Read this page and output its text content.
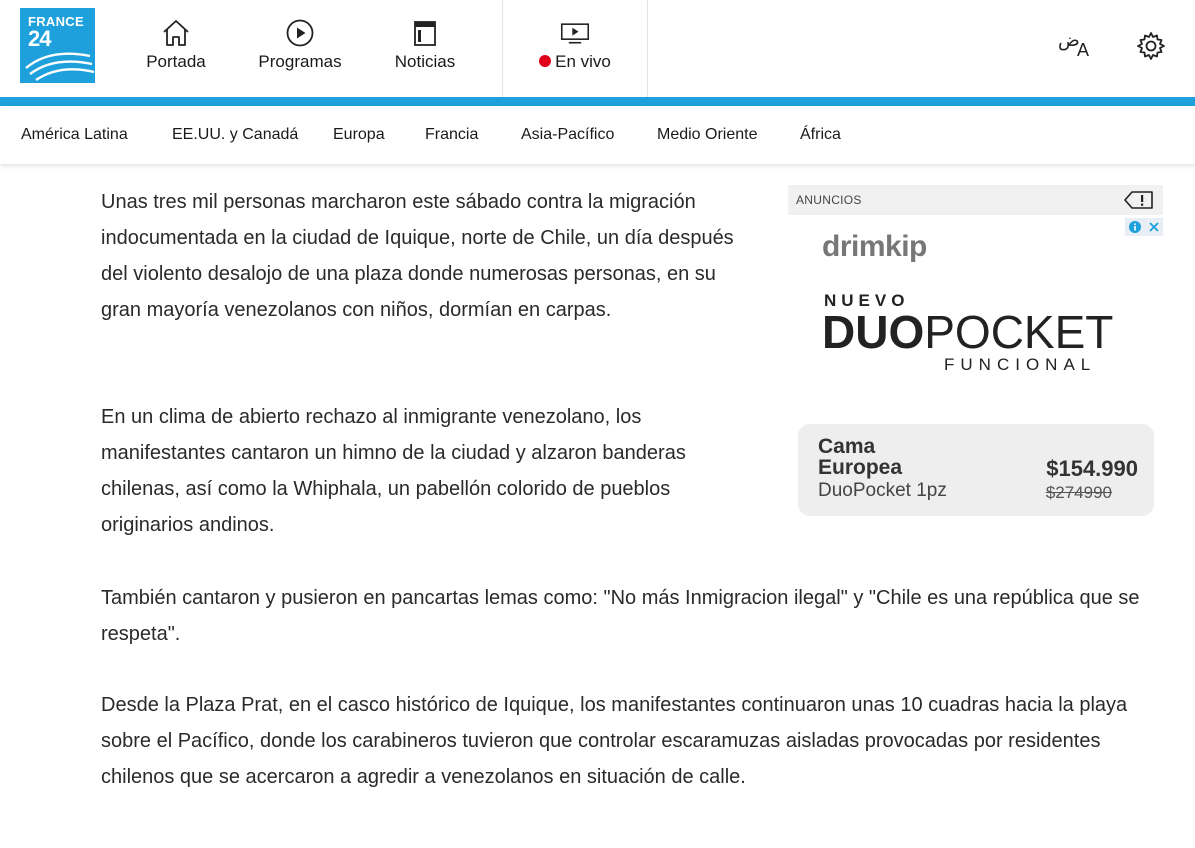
FRANCE
24
Portada	Programas	Noticias	En vivo
ض
A
América Latina	EE.UU. y Canadá Europa	Francia	Asia-Pacífico	Medio Oriente	África

Unas tres mil personas marcharon este sábado contra la migración indocumentada en la ciudad de Iquique, norte de Chile, un día después del violento desalojo de una plaza donde numerosas personas, en su gran mayoría venezolanos con niños, dormían en carpas.

En un clima de abierto rechazo al inmigrante venezolano, los manifestantes cantaron un himno de la ciudad y alzaron banderas chilenas, así como la Whiphala, un pabellón colorido de pueblos originarios andinos.

También cantaron y pusieron en pancartas lemas como: "No más Inmigracion ilegal" y "Chile es una república que se respeta".

Desde la Plaza Prat, en el casco histórico de Iquique, los manifestantes continuaron unas 10 cuadras hacia la playa sobre el Pacífico, donde los carabineros tuvieron que controlar escaramuzas aisladas provocadas por residentes chilenos que se acercaron a agredir a venezolanos en situación de calle.

ANUNCIOS
drimkip
NUEVO
DUOPOCKET
FUNCIONAL
Cama Europea
DuoPocket 1pz
$154.990
$274990
